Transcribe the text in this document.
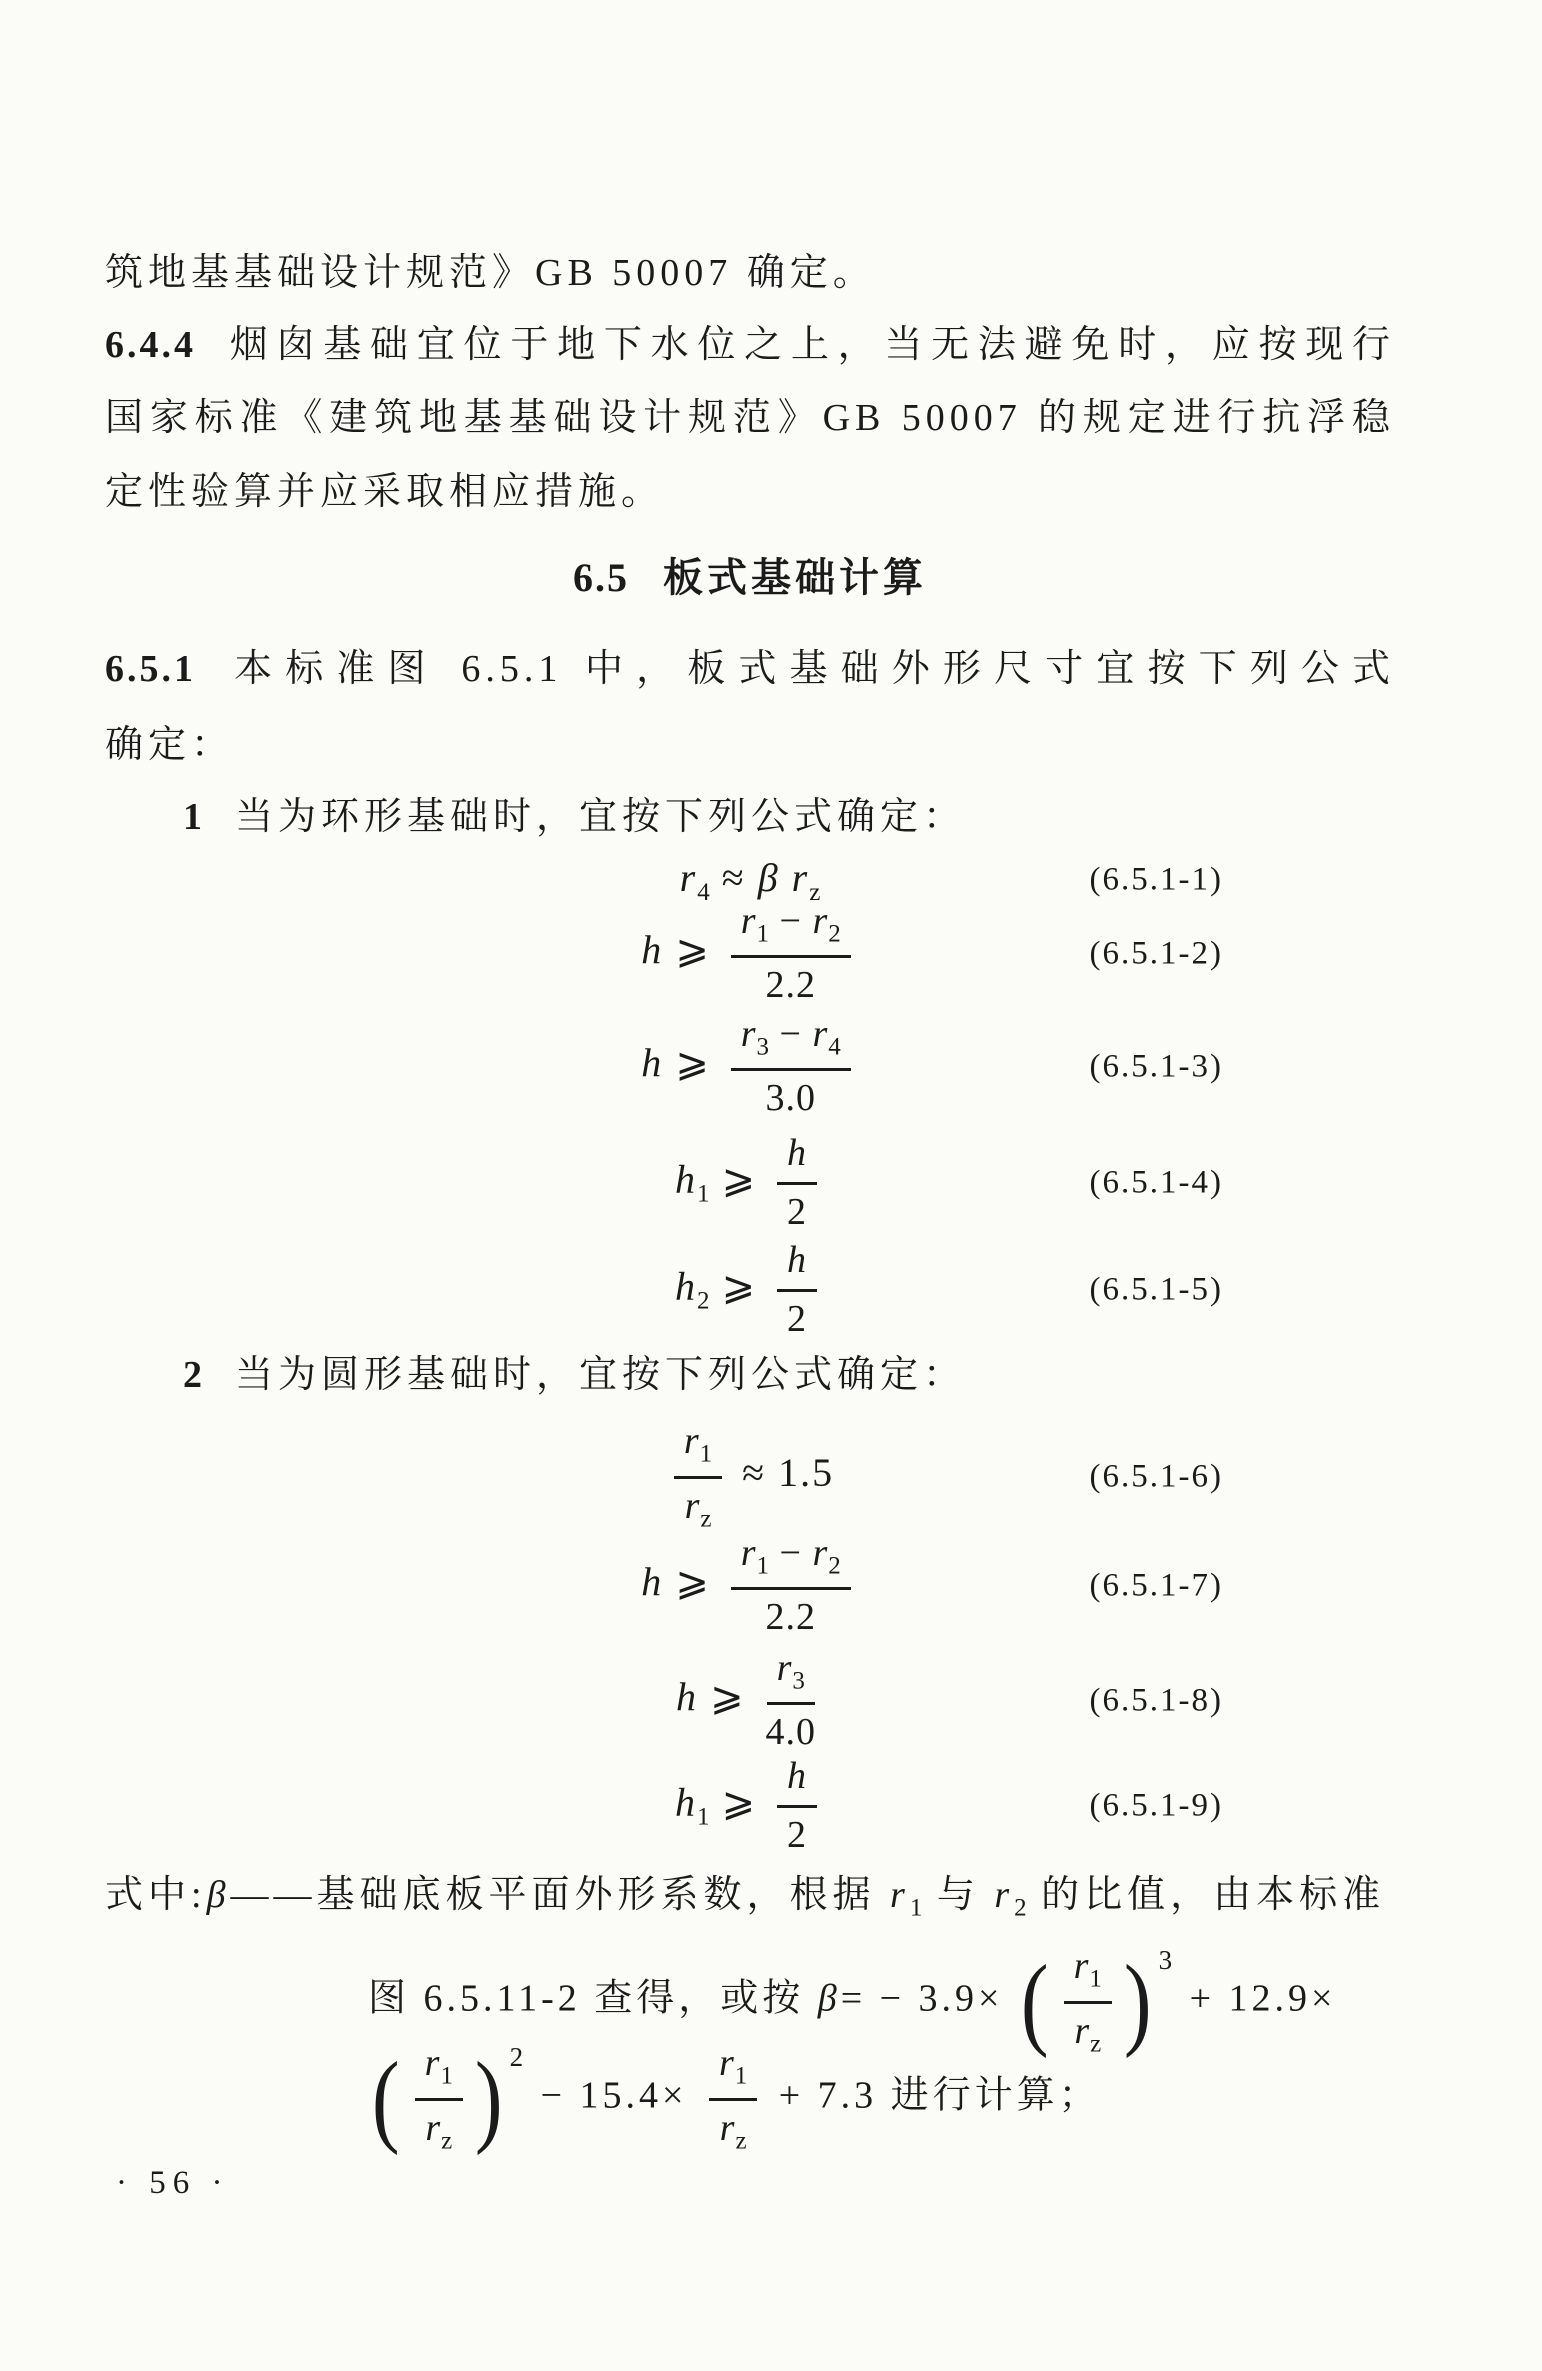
筑地基基础设计规范》GB 50007 确定。
6.4.4 烟囱基础宜位于地下水位之上，当无法避免时，应按现行
国家标准《建筑地基基础设计规范》GB 50007 的规定进行抗浮稳
定性验算并应采取相应措施。
6.5 板式基础计算
6.5.1 本标准图 6.5.1 中，板式基础外形尺寸宜按下列公式
确定：
1 当为环形基础时，宜按下列公式确定：
$r_4 \approx \beta$ $r_z$	(6.5.1-1)
h ⩾ $\frac{r_1 - r_2}{2.2}$	(6.5.1-2)
h ⩾ $\frac{r_3 - r_4}{3.0}$	(6.5.1-3)
$h_1$ ⩾ $\frac{h}{2}$	(6.5.1-4)
$h_2$ ⩾ $\frac{h}{2}$	(6.5.1-5)
2 当为圆形基础时，宜按下列公式确定：
$\frac{r_1}{r_z} \approx 1.5$	(6.5.1-6)
h ⩾ $\frac{r_1 - r_2}{2.2}$	(6.5.1-7)
h ⩾ $\frac{r_3}{4.0}$	(6.5.1-8)
$h_1$ ⩾ $\frac{h}{2}$	(6.5.1-9)
式中:β——基础底板平面外形系数，根据 $r_1$ 与 $r_2$ 的比值，由本标准
图 6.5.11-2 查得，或按 β= − 3.9× ( $\frac{r_1}{r_z}$ ) 3
+ 12.9×
( $\frac{r_1}{r_z}$ ) 2
− $15.4\times \frac{r_1}{r_z} + 7.3$ 进行计算；
· 56 ·
